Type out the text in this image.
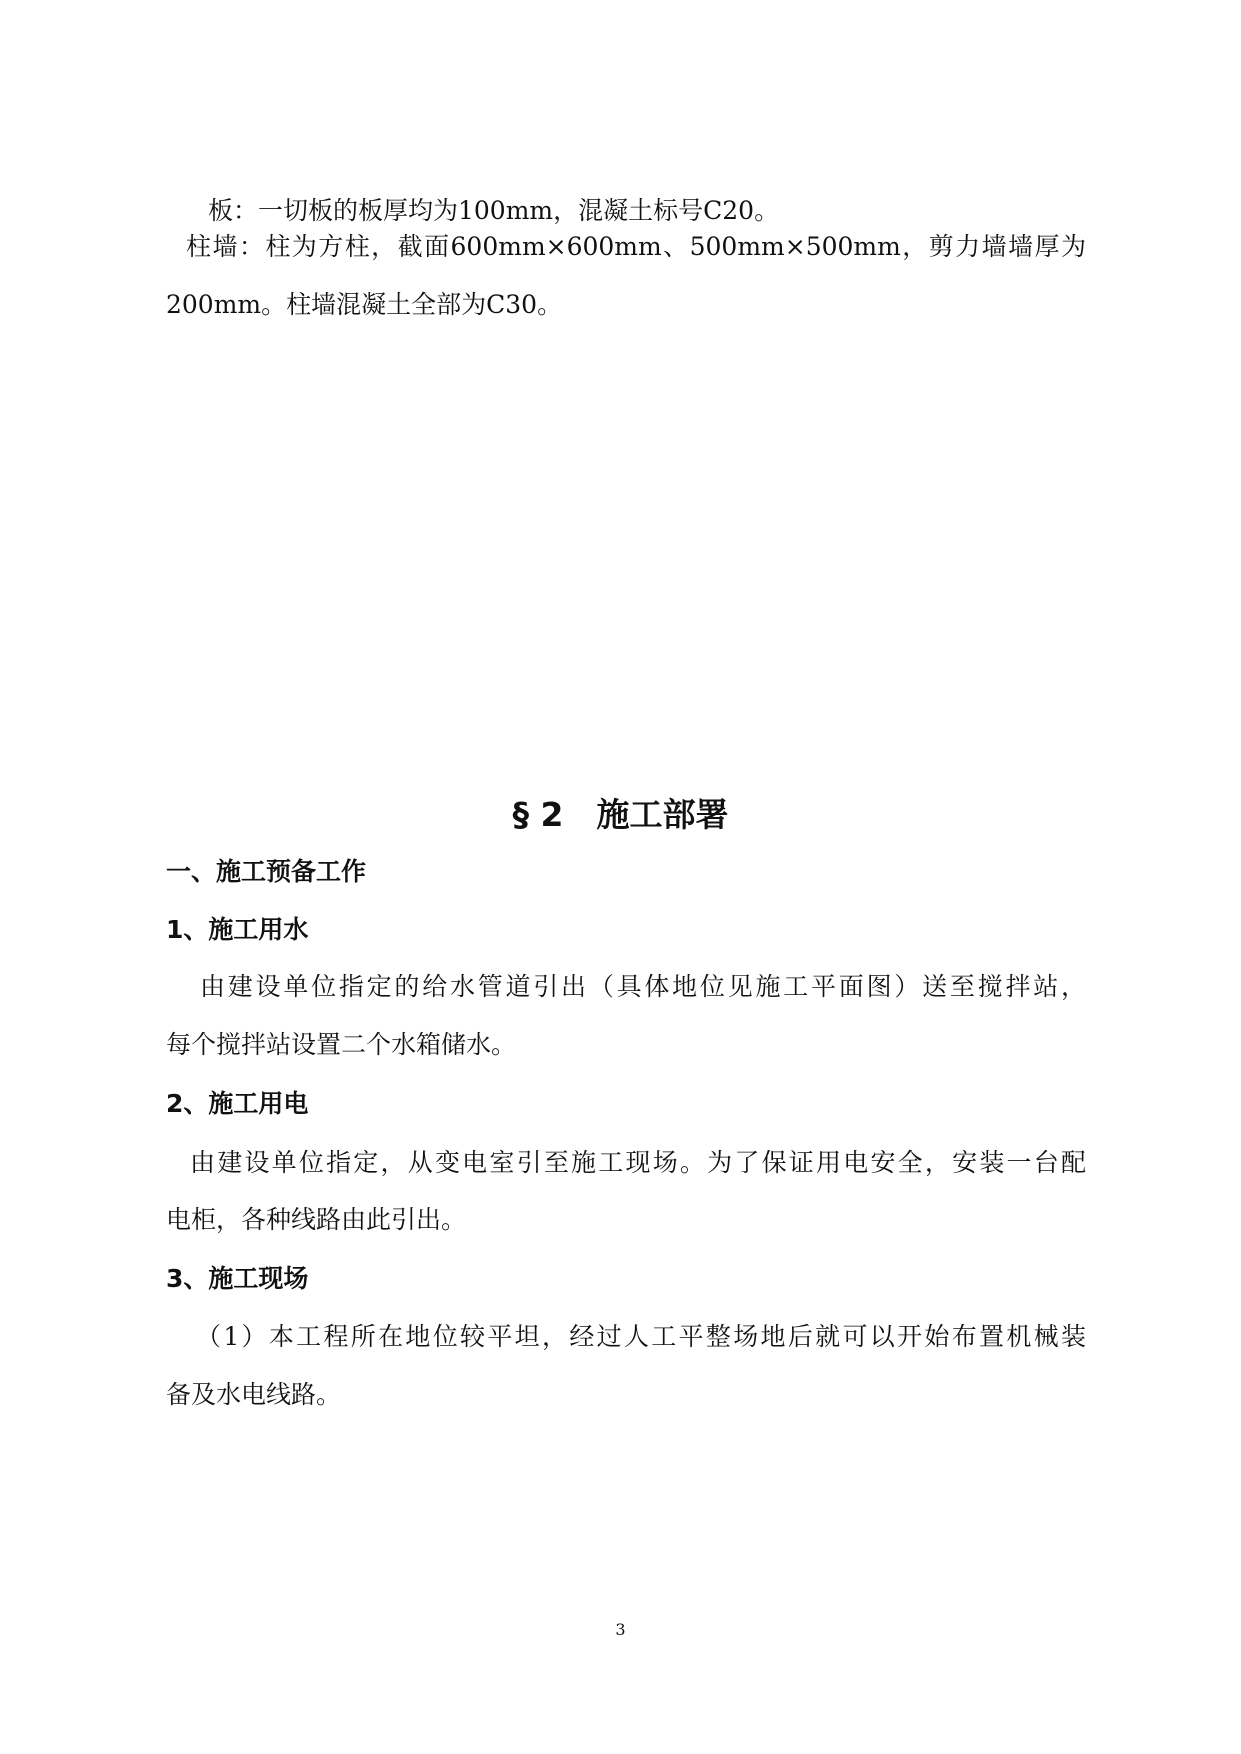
板：一切板的板厚均为100mm，混凝土标号C20。
柱墙：柱为方柱，截面600mm×600mm、500mm×500mm，剪力墙墙厚为
200mm。柱墙混凝土全部为C30。
§ 2　施工部署
一、施工预备工作
1、施工用水
由建设单位指定的给水管道引出（具体地位见施工平面图）送至搅拌站，
每个搅拌站设置二个水箱储水。
2、施工用电
由建设单位指定，从变电室引至施工现场。为了保证用电安全，安装一台配
电柜，各种线路由此引出。
3、施工现场
（1）本工程所在地位较平坦，经过人工平整场地后就可以开始布置机械装
备及水电线路。
3
